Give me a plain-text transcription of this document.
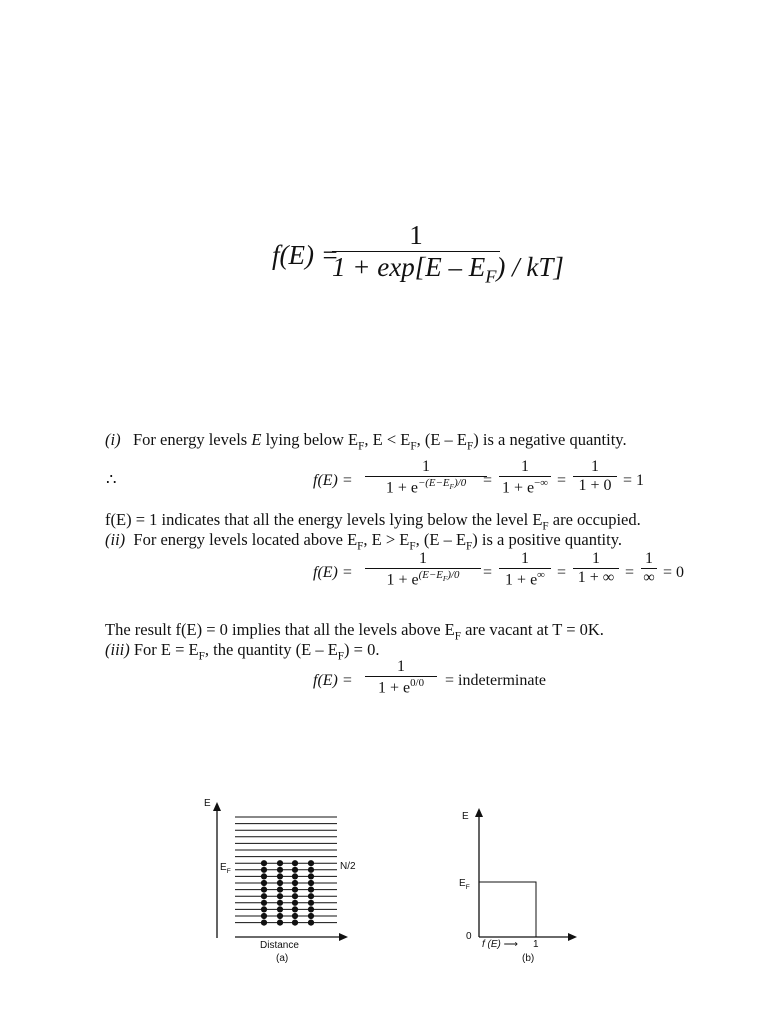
f(E) =
1
$1 + \exp[E - E_F) / kT$]
(i) For energy levels E lying below $E_F$, $E < E_F$, $(E - E_F)$ is a negative quantity.
∴	f(E) =
1
$1 + e^{-(E-E_F)/0}$	=
1
1 + e−∞ =
1
1 + 0 = 1
f(E) = 1 indicates that all the energy levels lying below the level $E_F$ are occupied.
(ii) For energy levels located above $E_F$, $E > E_F$, $(E - E_F)$ is a positive quantity.
f(E) =
1
$1 + e^{(E-E_F)/0}$	=
1
1 + e∞ =
1
1 + ∞ =
1
∞ = 0
The result f(E) = 0 implies that all the levels above $E_F$ are vacant at T = 0K.
(iii) For $E = E_F$, the quantity $(E - E_F) = 0$.
f(E) =
1
$1 + e^{0/0}$	= indeterminate
E
$E_F$	N/2
Distance
(a)
E
$E_F$
0
f (E) ⟶ 1
(b)
